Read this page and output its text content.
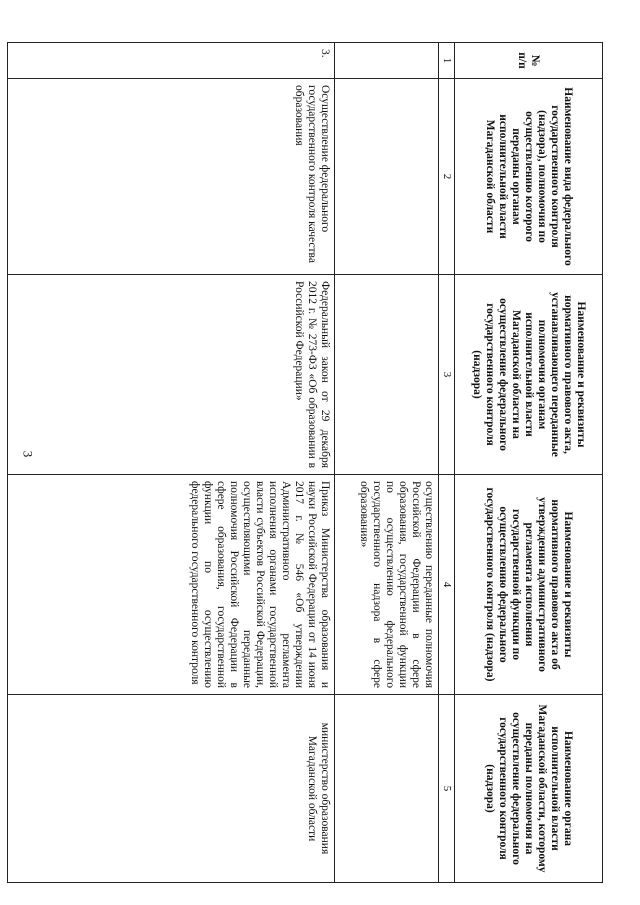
3
№ п/п	Наименование вида федерального государственного контроля (надзора), полномочия по осуществлению которого переданы органам исполнительной власти Магаданской области	Наименование и реквизиты нормативного правового акта, устанавливающего переданные полномочия органам исполнительной власти Магаданской области на осуществление федерального государственного контроля (надзора)	Наименование и реквизиты нормативного правового акта об утверждении административного регламента исполнения государственной функции по осуществлению федерального государственного контроля (надзора)	Наименование органа исполнительной власти Магаданской области, которому переданы полномочия на осуществление федерального государственного контроля (надзора)
1	2	3	4	5
			осуществлению переданные полномочия Российской Федерации в сфере образования, государственной функции по осуществлению федерального государственного надзора в сфере образования»	
3.	Осуществление федерального государственного контроля качества образования	Федеральный закон от 29 декабря 2012 г. № 273-ФЗ «Об образовании в Российской Федерации»	Приказ Министерства образования и науки Российской Федерации от 14 июня 2017 г. № 546 «Об утверждении Административного регламента исполнения органами государственной власти субъектов Российской Федерации, осуществляющими переданные полномочия Российской Федерации в сфере образования, государственной функции по осуществлению федерального государственного контроля	министерство образования Магаданской области
